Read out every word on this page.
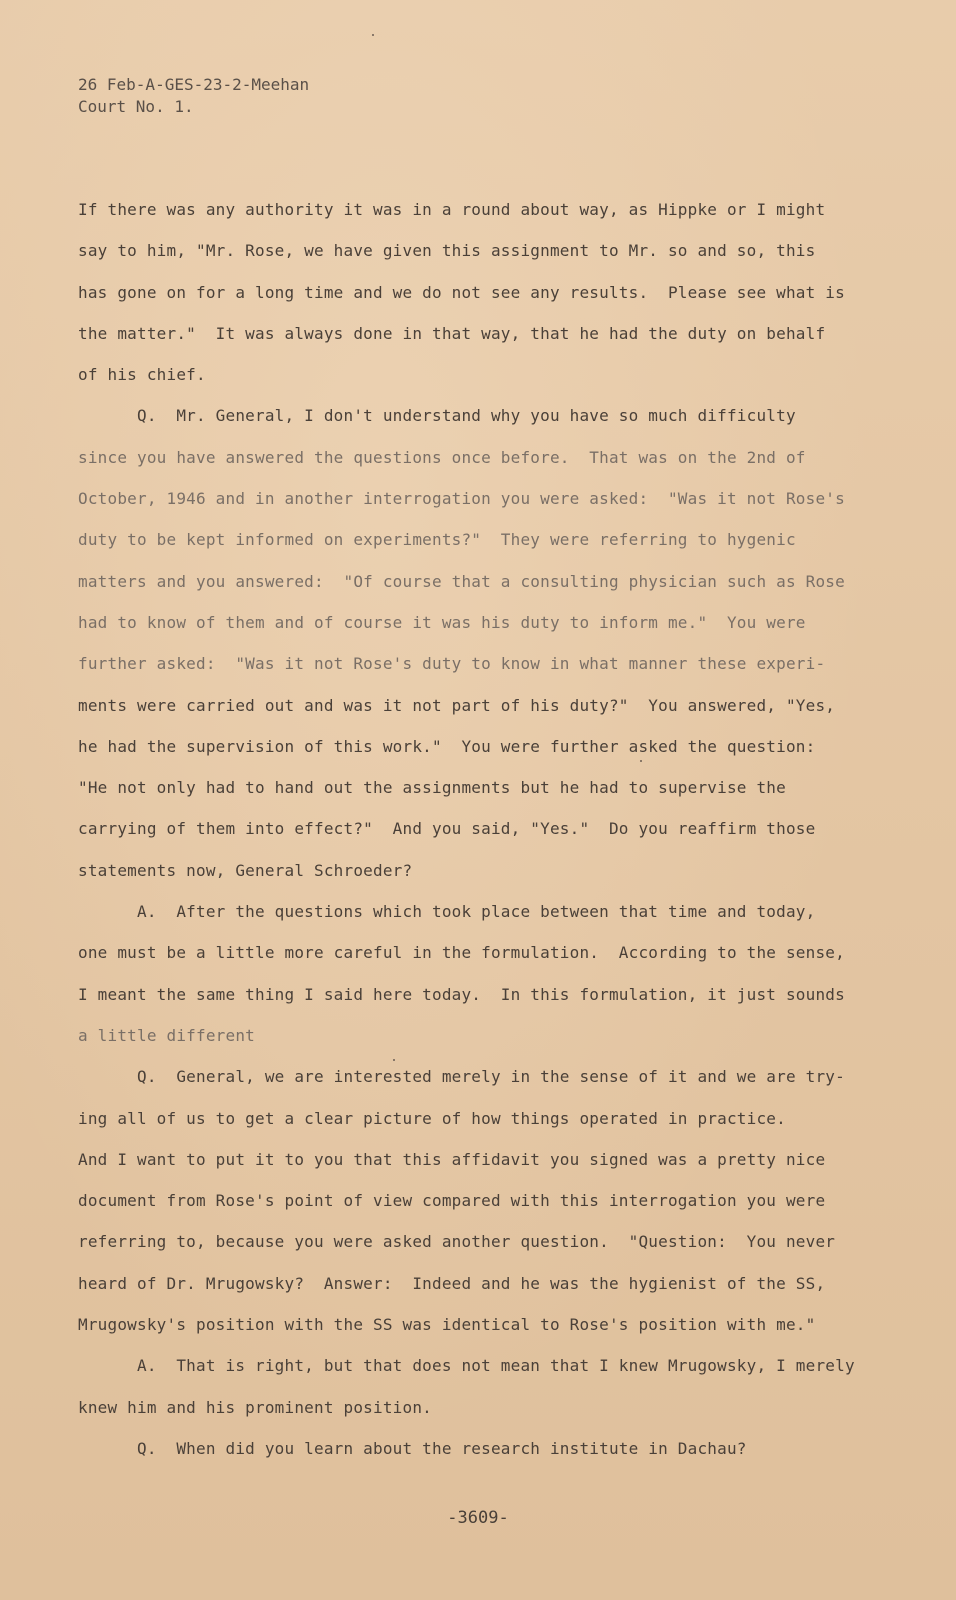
26 Feb-A-GES-23-2-Meehan
Court No. 1.
If there was any authority it was in a round about way, as Hippke or I might
say to him, "Mr. Rose, we have given this assignment to Mr. so and so, this
has gone on for a long time and we do not see any results.  Please see what is
the matter."  It was always done in that way, that he had the duty on behalf
of his chief.
Q.  Mr. General, I don't understand why you have so much difficulty
since you have answered the questions once before.  That was on the 2nd of
October, 1946 and in another interrogation you were asked:  "Was it not Rose's
duty to be kept informed on experiments?"  They were referring to hygenic
matters and you answered:  "Of course that a consulting physician such as Rose
had to know of them and of course it was his duty to inform me."  You were
further asked:  "Was it not Rose's duty to know in what manner these experi-
ments were carried out and was it not part of his duty?"  You answered, "Yes,
he had the supervision of this work."  You were further asked the question:
"He not only had to hand out the assignments but he had to supervise the
carrying of them into effect?"  And you said, "Yes."  Do you reaffirm those
statements now, General Schroeder?
A.  After the questions which took place between that time and today,
one must be a little more careful in the formulation.  According to the sense,
I meant the same thing I said here today.  In this formulation, it just sounds
a little different
Q.  General, we are interested merely in the sense of it and we are try-
ing all of us to get a clear picture of how things operated in practice.
And I want to put it to you that this affidavit you signed was a pretty nice
document from Rose's point of view compared with this interrogation you were
referring to, because you were asked another question.  "Question:  You never
heard of Dr. Mrugowsky?  Answer:  Indeed and he was the hygienist of the SS,
Mrugowsky's position with the SS was identical to Rose's position with me."
A.  That is right, but that does not mean that I knew Mrugowsky, I merely
knew him and his prominent position.
Q.  When did you learn about the research institute in Dachau?
-3609-
